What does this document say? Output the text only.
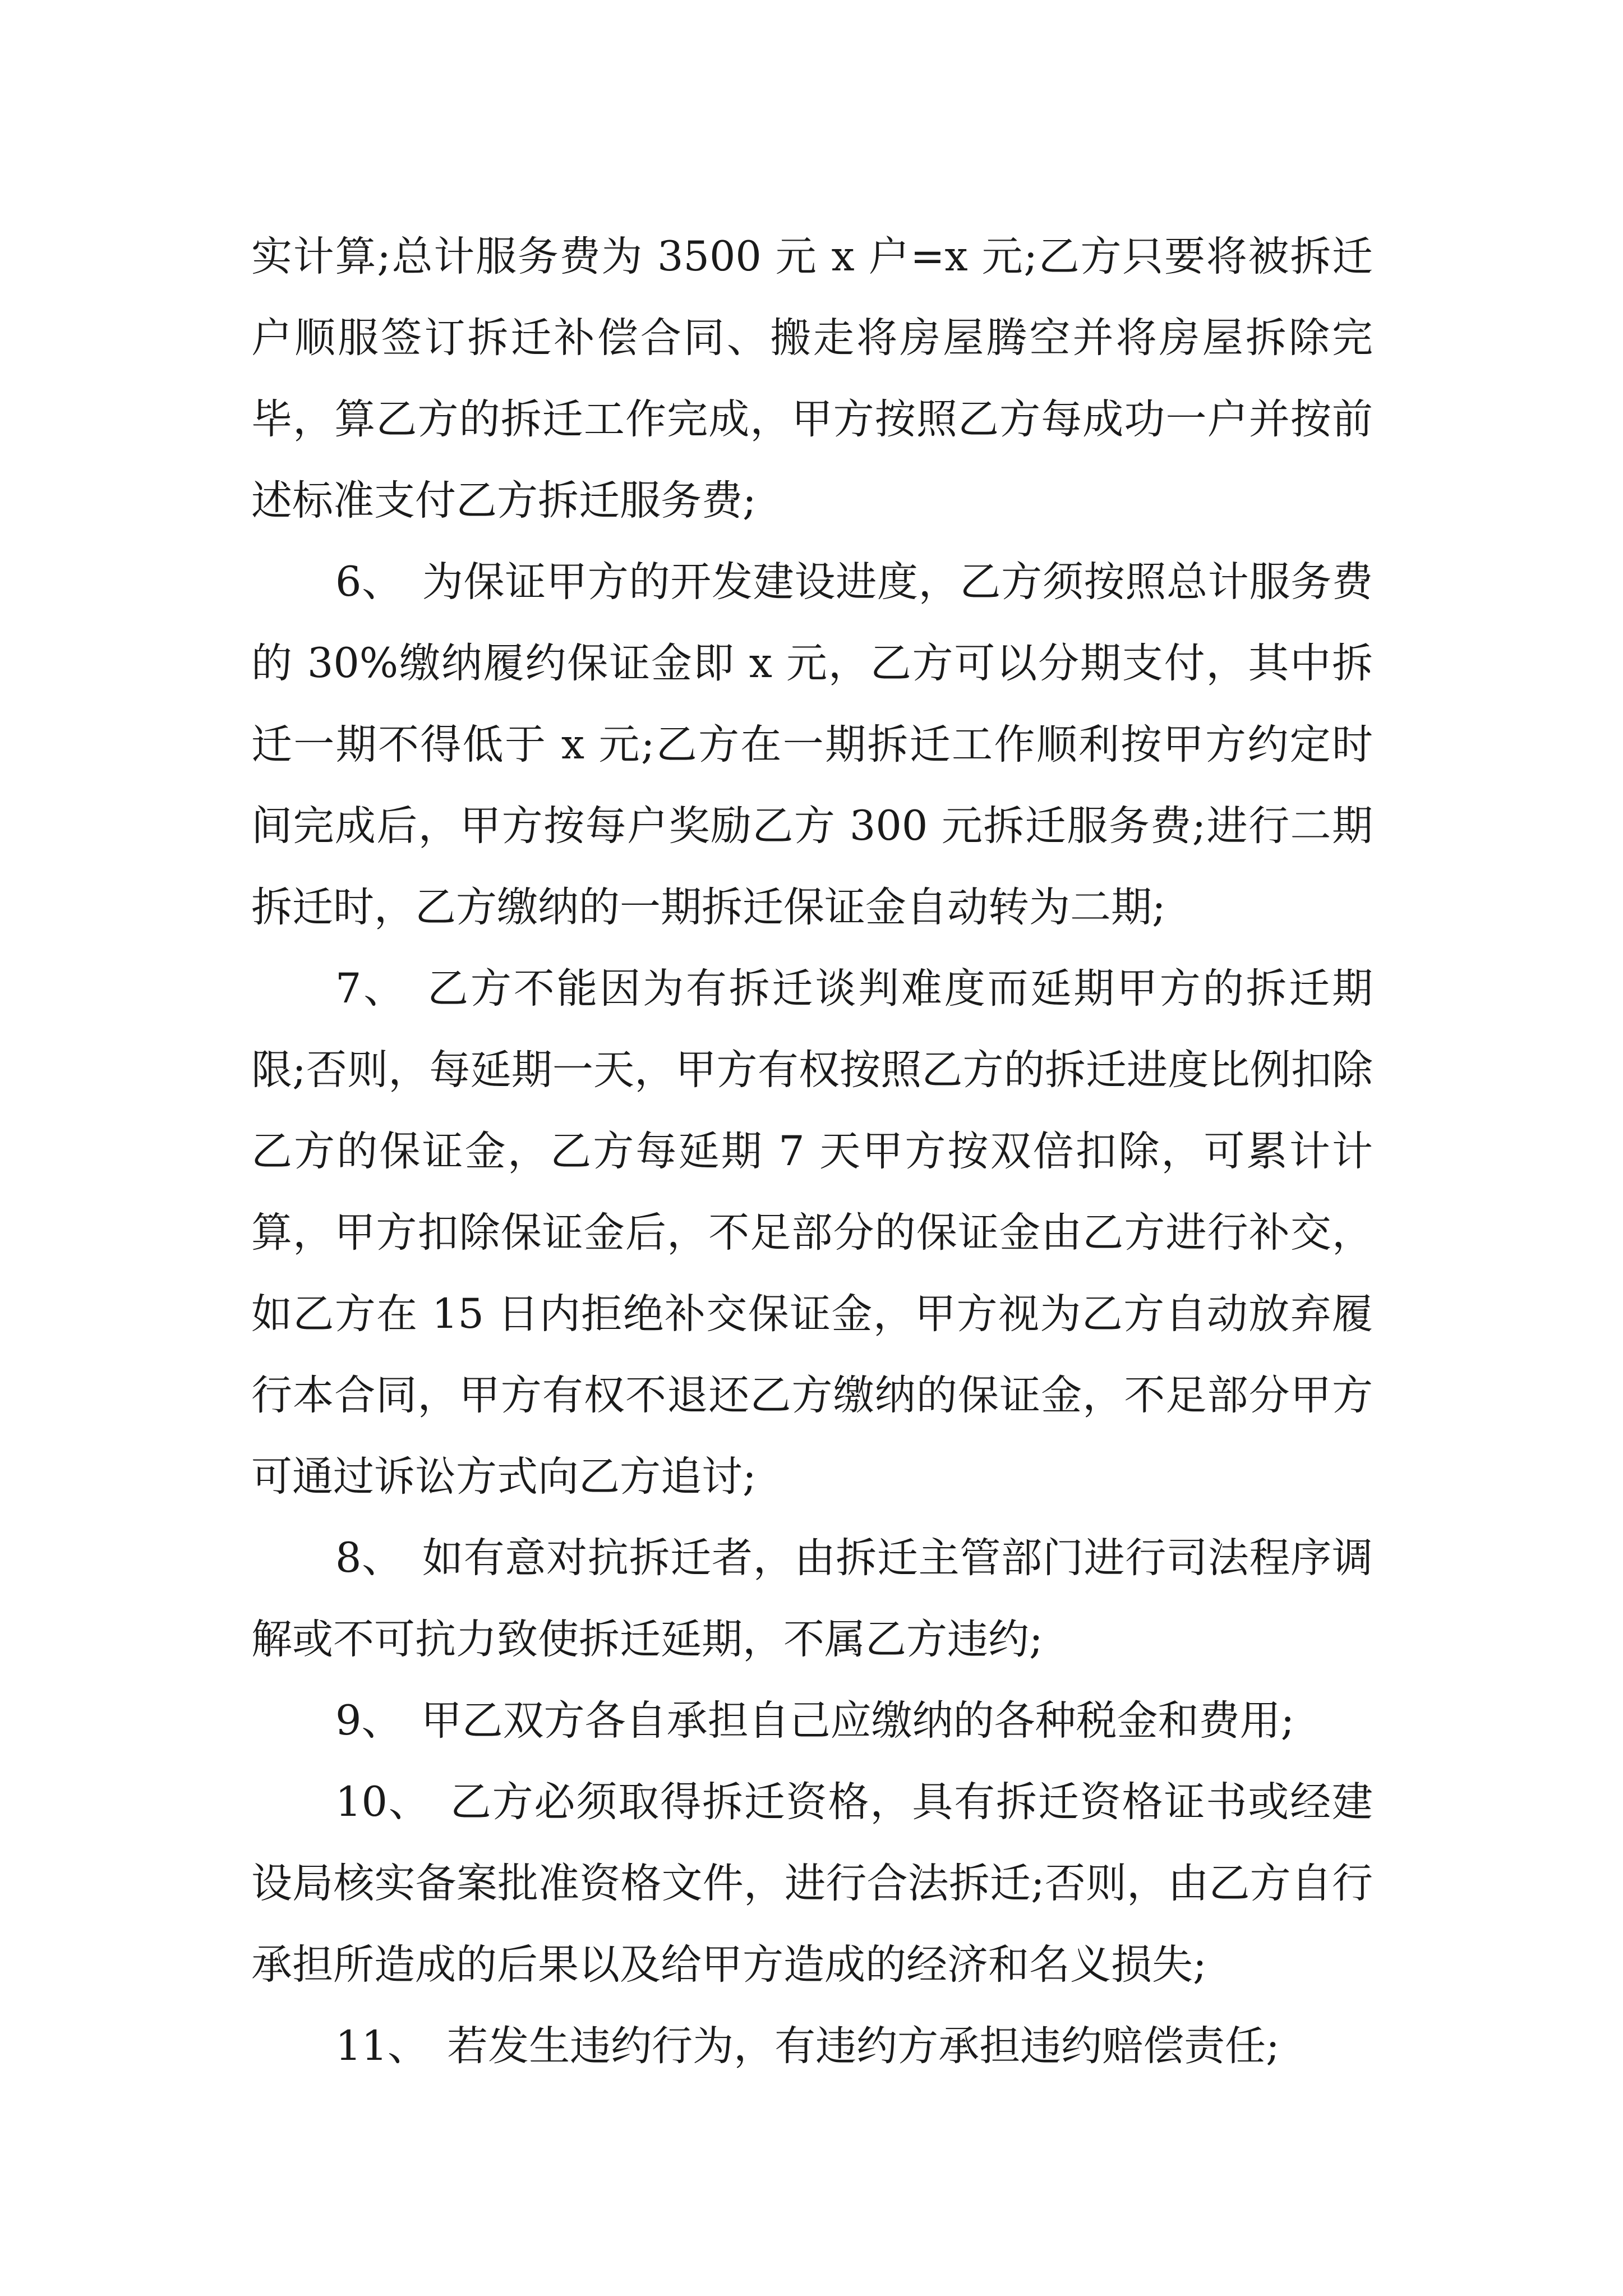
实计算;总计服务费为 3500 元 x 户=x 元;乙方只要将被拆迁户顺服签订拆迁补偿合同、搬走将房屋腾空并将房屋拆除完毕，算乙方的拆迁工作完成，甲方按照乙方每成功一户并按前述标准支付乙方拆迁服务费;

6、 为保证甲方的开发建设进度，乙方须按照总计服务费的 30%缴纳履约保证金即 x 元，乙方可以分期支付，其中拆迁一期不得低于 x 元;乙方在一期拆迁工作顺利按甲方约定时间完成后，甲方按每户奖励乙方 300 元拆迁服务费;进行二期拆迁时，乙方缴纳的一期拆迁保证金自动转为二期;

7、 乙方不能因为有拆迁谈判难度而延期甲方的拆迁期限;否则，每延期一天，甲方有权按照乙方的拆迁进度比例扣除乙方的保证金，乙方每延期 7 天甲方按双倍扣除，可累计计算，甲方扣除保证金后，不足部分的保证金由乙方进行补交，如乙方在 15 日内拒绝补交保证金，甲方视为乙方自动放弃履行本合同，甲方有权不退还乙方缴纳的保证金，不足部分甲方可通过诉讼方式向乙方追讨;

8、 如有意对抗拆迁者，由拆迁主管部门进行司法程序调解或不可抗力致使拆迁延期，不属乙方违约;

9、 甲乙双方各自承担自己应缴纳的各种税金和费用;

10、 乙方必须取得拆迁资格，具有拆迁资格证书或经建设局核实备案批准资格文件，进行合法拆迁;否则，由乙方自行承担所造成的后果以及给甲方造成的经济和名义损失;

11、 若发生违约行为，有违约方承担违约赔偿责任;
